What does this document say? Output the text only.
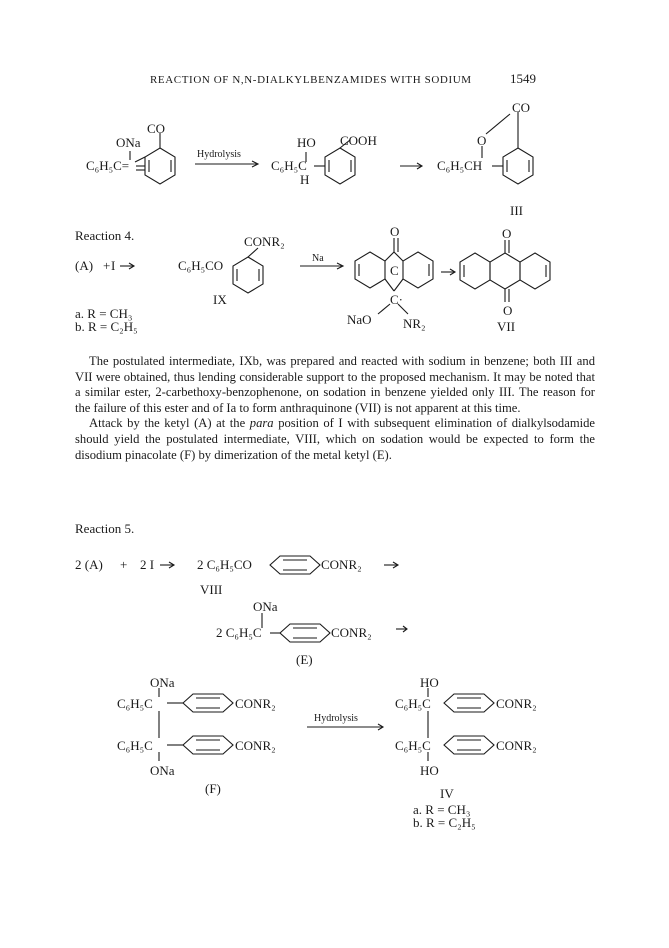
REACTION OF N,N-DIALKYLBENZAMIDES WITH SODIUM	1549
ONa
CO
C₆H₅C=
Hydrolysis
HO COOH
C₆H₅C
H
CO
O
C₆H₅CH
III
Reaction 4.
(A) + I	C₆H₅CO
CONR₂
IX
Na
a. R = CH₃
b. R = C₂H₅
O
C
C·
NaO NR₂
O
O
VII

The postulated intermediate, IXb, was prepared and reacted with sodium in benzene; both III and VII were obtained, thus lending considerable support to the proposed mechanism. It may be noted that a similar ester, 2-carbethoxy-benzophenone, on sodation in benzene yielded only III. The reason for the failure of this ester and of Ia to form anthraquinone (VII) is not apparent at this time.

Attack by the ketyl (A) at the para position of I with subsequent elimination of dialkylsodamide should yield the postulated intermediate, VIII, which on sodation would be expected to form the disodium pinacolate (F) by dimerization of the metal ketyl (E).

Reaction 5.
2 (A) + 2 I	2 C₆H₅CO	CONR₂
VIII
ONa
2 C₆H₅C	CONR₂
(E)
ONa
C₆H₅C
C₆H₅C
CONR₂
CONR₂
ONa
(F)
Hydrolysis
HO
C₆H₅C
C₆H₅C
CONR₂
CONR₂
HO
IV
a. R = CH₃
b. R = C₂H₅
